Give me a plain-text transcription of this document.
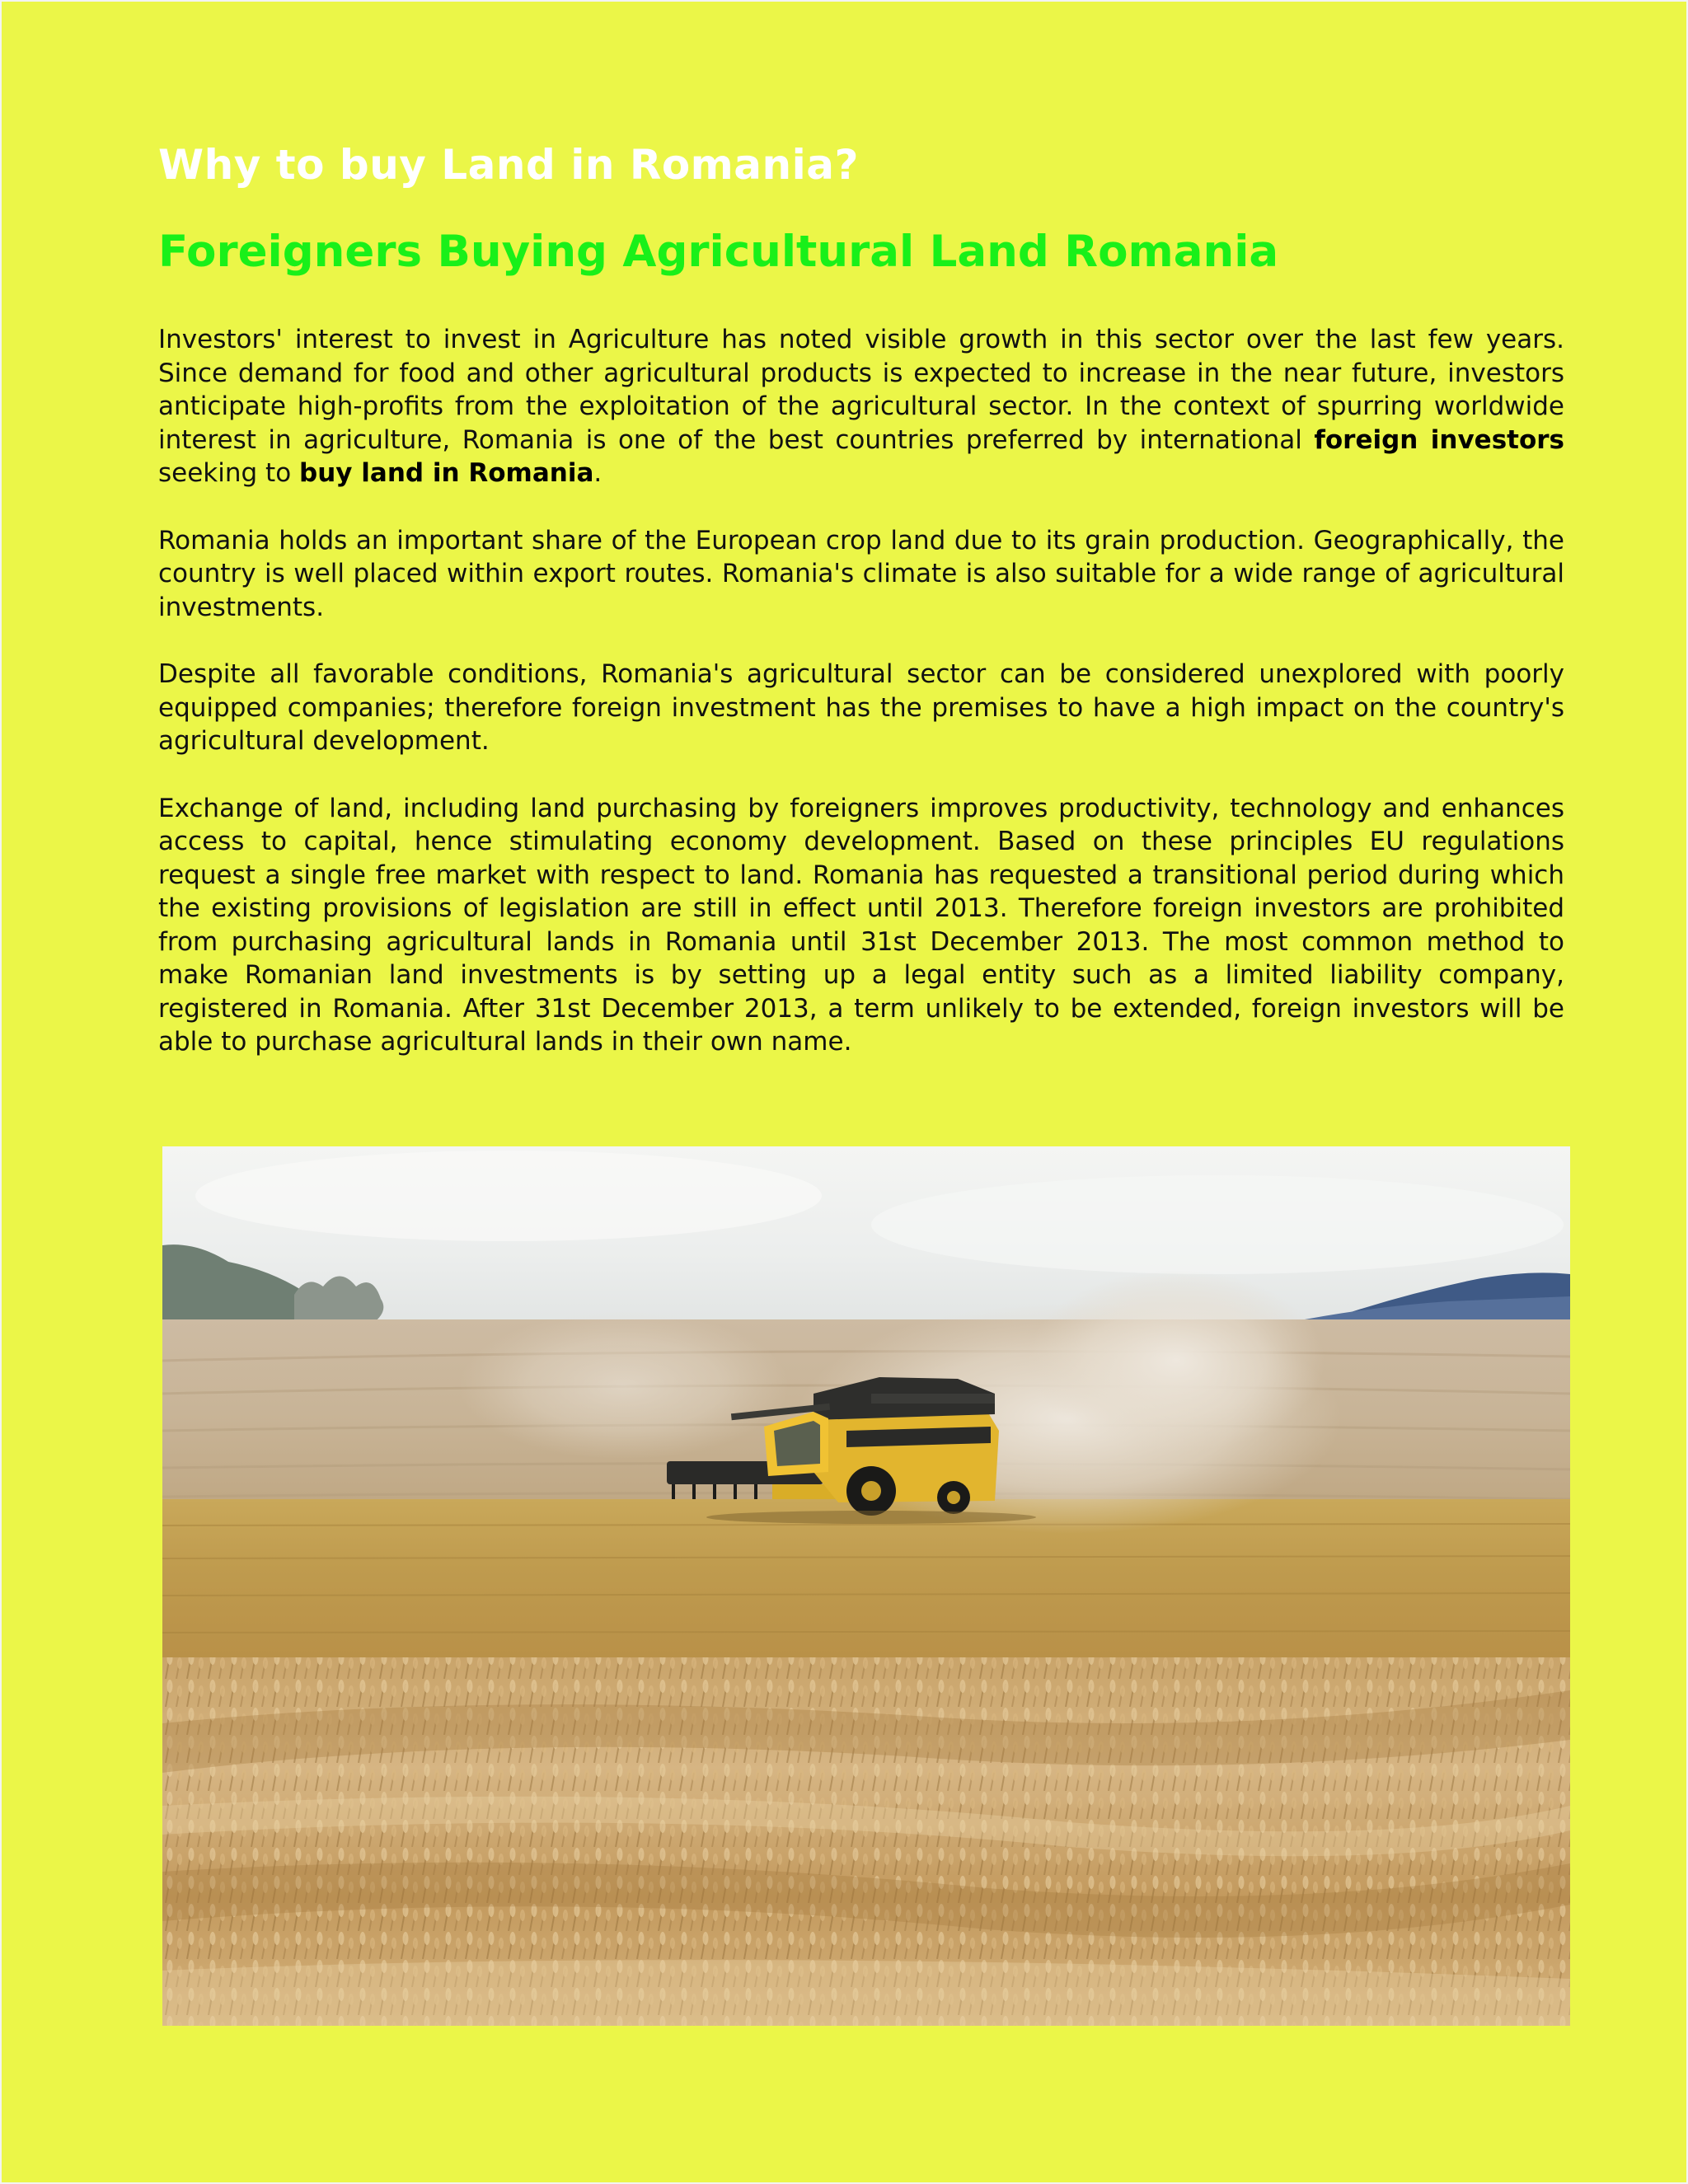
Why to buy Land in Romania?
Foreigners Buying Agricultural Land Romania

Investors' interest to invest in Agriculture has noted visible growth in this sector over the last few years. Since demand for food and other agricultural products is expected to increase in the near future, investors anticipate high-profits from the exploitation of the agricultural sector. In the context of spurring worldwide interest in agriculture, Romania is one of the best countries preferred by international foreign investors seeking to buy land in Romania.

Romania holds an important share of the European crop land due to its grain production. Geographically, the country is well placed within export routes. Romania's climate is also suitable for a wide range of agricultural investments.

Despite all favorable conditions, Romania's agricultural sector can be considered unexplored with poorly equipped companies; therefore foreign investment has the premises to have a high impact on the country's agricultural development.

Exchange of land, including land purchasing by foreigners improves productivity, technology and enhances access to capital, hence stimulating economy development. Based on these principles EU regulations request a single free market with respect to land. Romania has requested a transitional period during which the existing provisions of legislation are still in effect until 2013. Therefore foreign investors are prohibited from purchasing agricultural lands in Romania until 31st December 2013. The most common method to make Romanian land investments is by setting up a legal entity such as a limited liability company, registered in Romania. After 31st December 2013, a term unlikely to be extended, foreign investors will be able to purchase agricultural lands in their own name.
